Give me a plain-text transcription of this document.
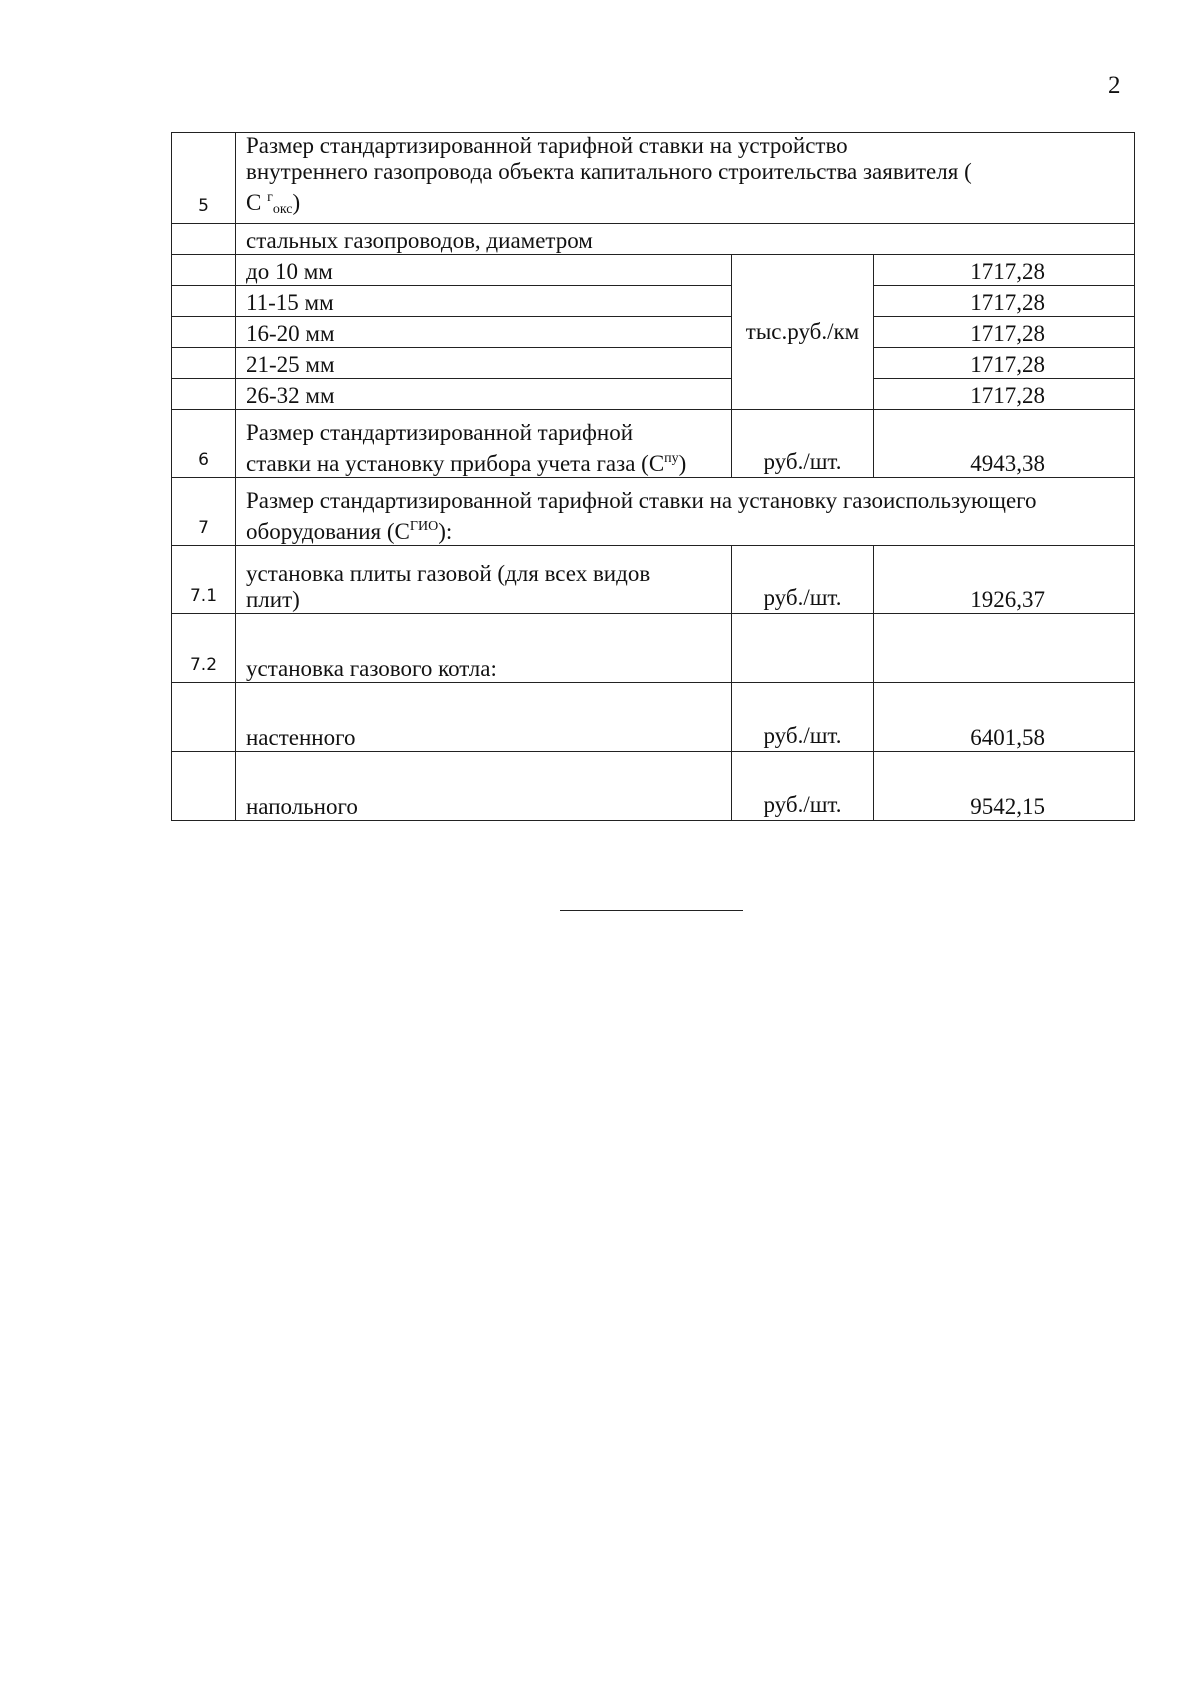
2
5	Размер стандартизированной тарифной ставки на устройство внутреннего газопровода объекта капитального строительства заявителя ( С $^г_{окс}$)		
	стальных газопроводов, диаметром		
	до 10 мм	тыс.руб./км	1717,28
	11-15 мм		1717,28
	16-20 мм		1717,28
	21-25 мм		1717,28
	26-32 мм		1717,28
6	Размер стандартизированной тарифной ставки на установку прибора учета газа $(С^{пу})$	руб./шт.	4943,38
7	Размер стандартизированной тарифной ставки на установку газоиспользующего оборудования $(С^{ГИО})$:		
7.1	установка плиты газовой (для всех видов плит)	руб./шт.	1926,37
7.2	установка газового котла:		
	настенного	руб./шт.	6401,58
	напольного	руб./шт.	9542,15
